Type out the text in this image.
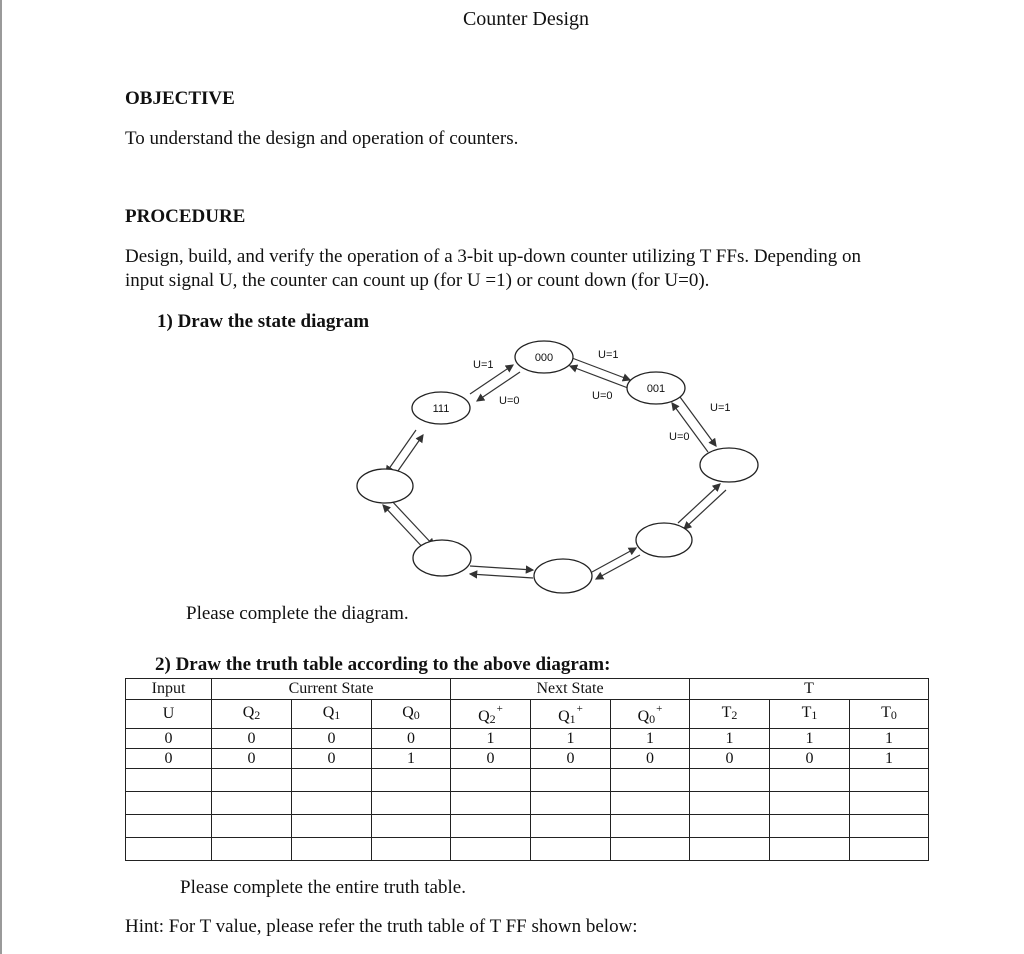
Counter Design
OBJECTIVE
To understand the design and operation of counters.
PROCEDURE
Design, build, and verify the operation of a 3-bit up-down counter utilizing T FFs. Depending on
input signal U, the counter can count up (for U =1) or count down (for U=0).
1) Draw the state diagram
000
001
111
U=1
U=0
U=1
U=0
U=1
U=0
Please complete the diagram.
2) Draw the truth table according to the above diagram:
Input	Current State			Next State			T		
U	Q2	Q1	Q0	Q2+	Q1+	Q0+	T2	T1	T0
0	0	0	0	1	1	1	1	1	1
0	0	0	1	0	0	0	0	0	1

Please complete the entire truth table.
Hint: For T value, please refer the truth table of T FF shown below:
